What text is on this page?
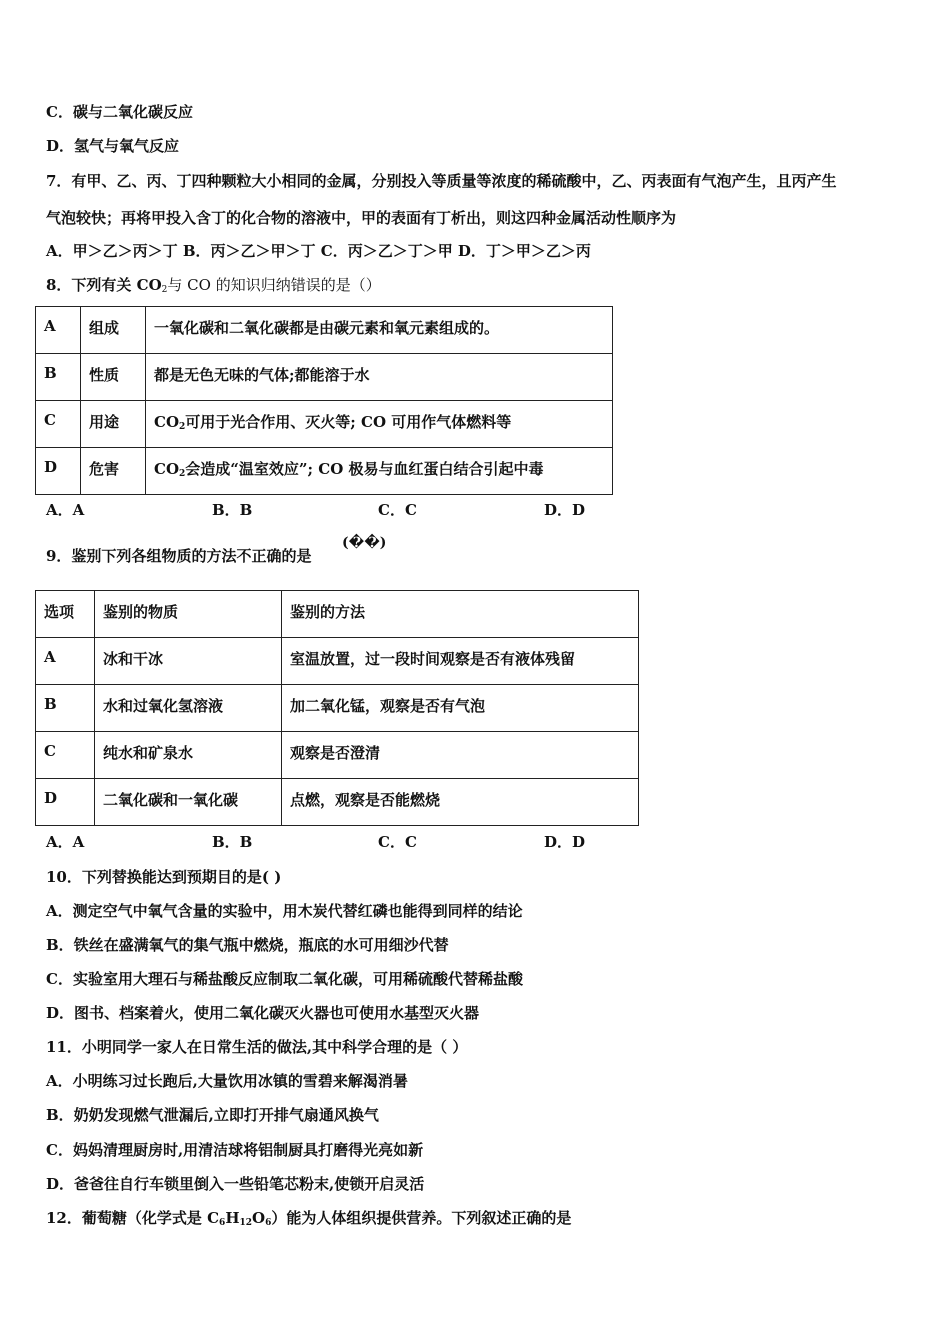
C．碳与二氧化碳反应
D．氢气与氧气反应
7．有甲、乙、丙、丁四种颗粒大小相同的金属，分别投入等质量等浓度的稀硫酸中，乙、丙表面有气泡产生，且丙产生
气泡较快；再将甲投入含丁的化合物的溶液中，甲的表面有丁析出，则这四种金属活动性顺序为
A．甲＞乙＞丙＞丁 B．丙＞乙＞甲＞丁 C．丙＞乙＞丁＞甲 D．丁＞甲＞乙＞丙
8．下列有关 $CO_2$与 CO 的知识归纳错误的是（）
A	组成	一氧化碳和二氧化碳都是由碳元素和氧元素组成的。
B	性质	都是无色无味的气体;都能溶于水
C	用途	$CO_2$可用于光合作用、灭火等; CO 可用作气体燃料等
D	危害	$CO_2$会造成“温室效应”; CO 极易与血红蛋白结合引起中毒
A．A	B．B	C．C	D．D
9．鉴别下列各组物质的方法不正确的是
(��)
选项	鉴别的物质	鉴别的方法
A	冰和干冰	室温放置，过一段时间观察是否有液体残留
B	水和过氧化氢溶液	加二氧化锰，观察是否有气泡
C	纯水和矿泉水	观察是否澄清
D	二氧化碳和一氧化碳	点燃，观察是否能燃烧
A．A	B．B	C．C	D．D
10．下列替换能达到预期目的是( )
A．测定空气中氧气含量的实验中，用木炭代替红磷也能得到同样的结论
B．铁丝在盛满氧气的集气瓶中燃烧，瓶底的水可用细沙代替
C．实验室用大理石与稀盐酸反应制取二氧化碳，可用稀硫酸代替稀盐酸
D．图书、档案着火，使用二氧化碳灭火器也可使用水基型灭火器
11．小明同学一家人在日常生活的做法,其中科学合理的是（ ）
A．小明练习过长跑后,大量饮用冰镇的雪碧来解渴消暑
B．奶奶发现燃气泄漏后,立即打开排气扇通风换气
C．妈妈清理厨房时,用清洁球将铝制厨具打磨得光亮如新
D．爸爸往自行车锁里倒入一些铅笔芯粉末,使锁开启灵活
12．葡萄糖（化学式是 $C_6H_{12}O_6$）能为人体组织提供营养。下列叙述正确的是
